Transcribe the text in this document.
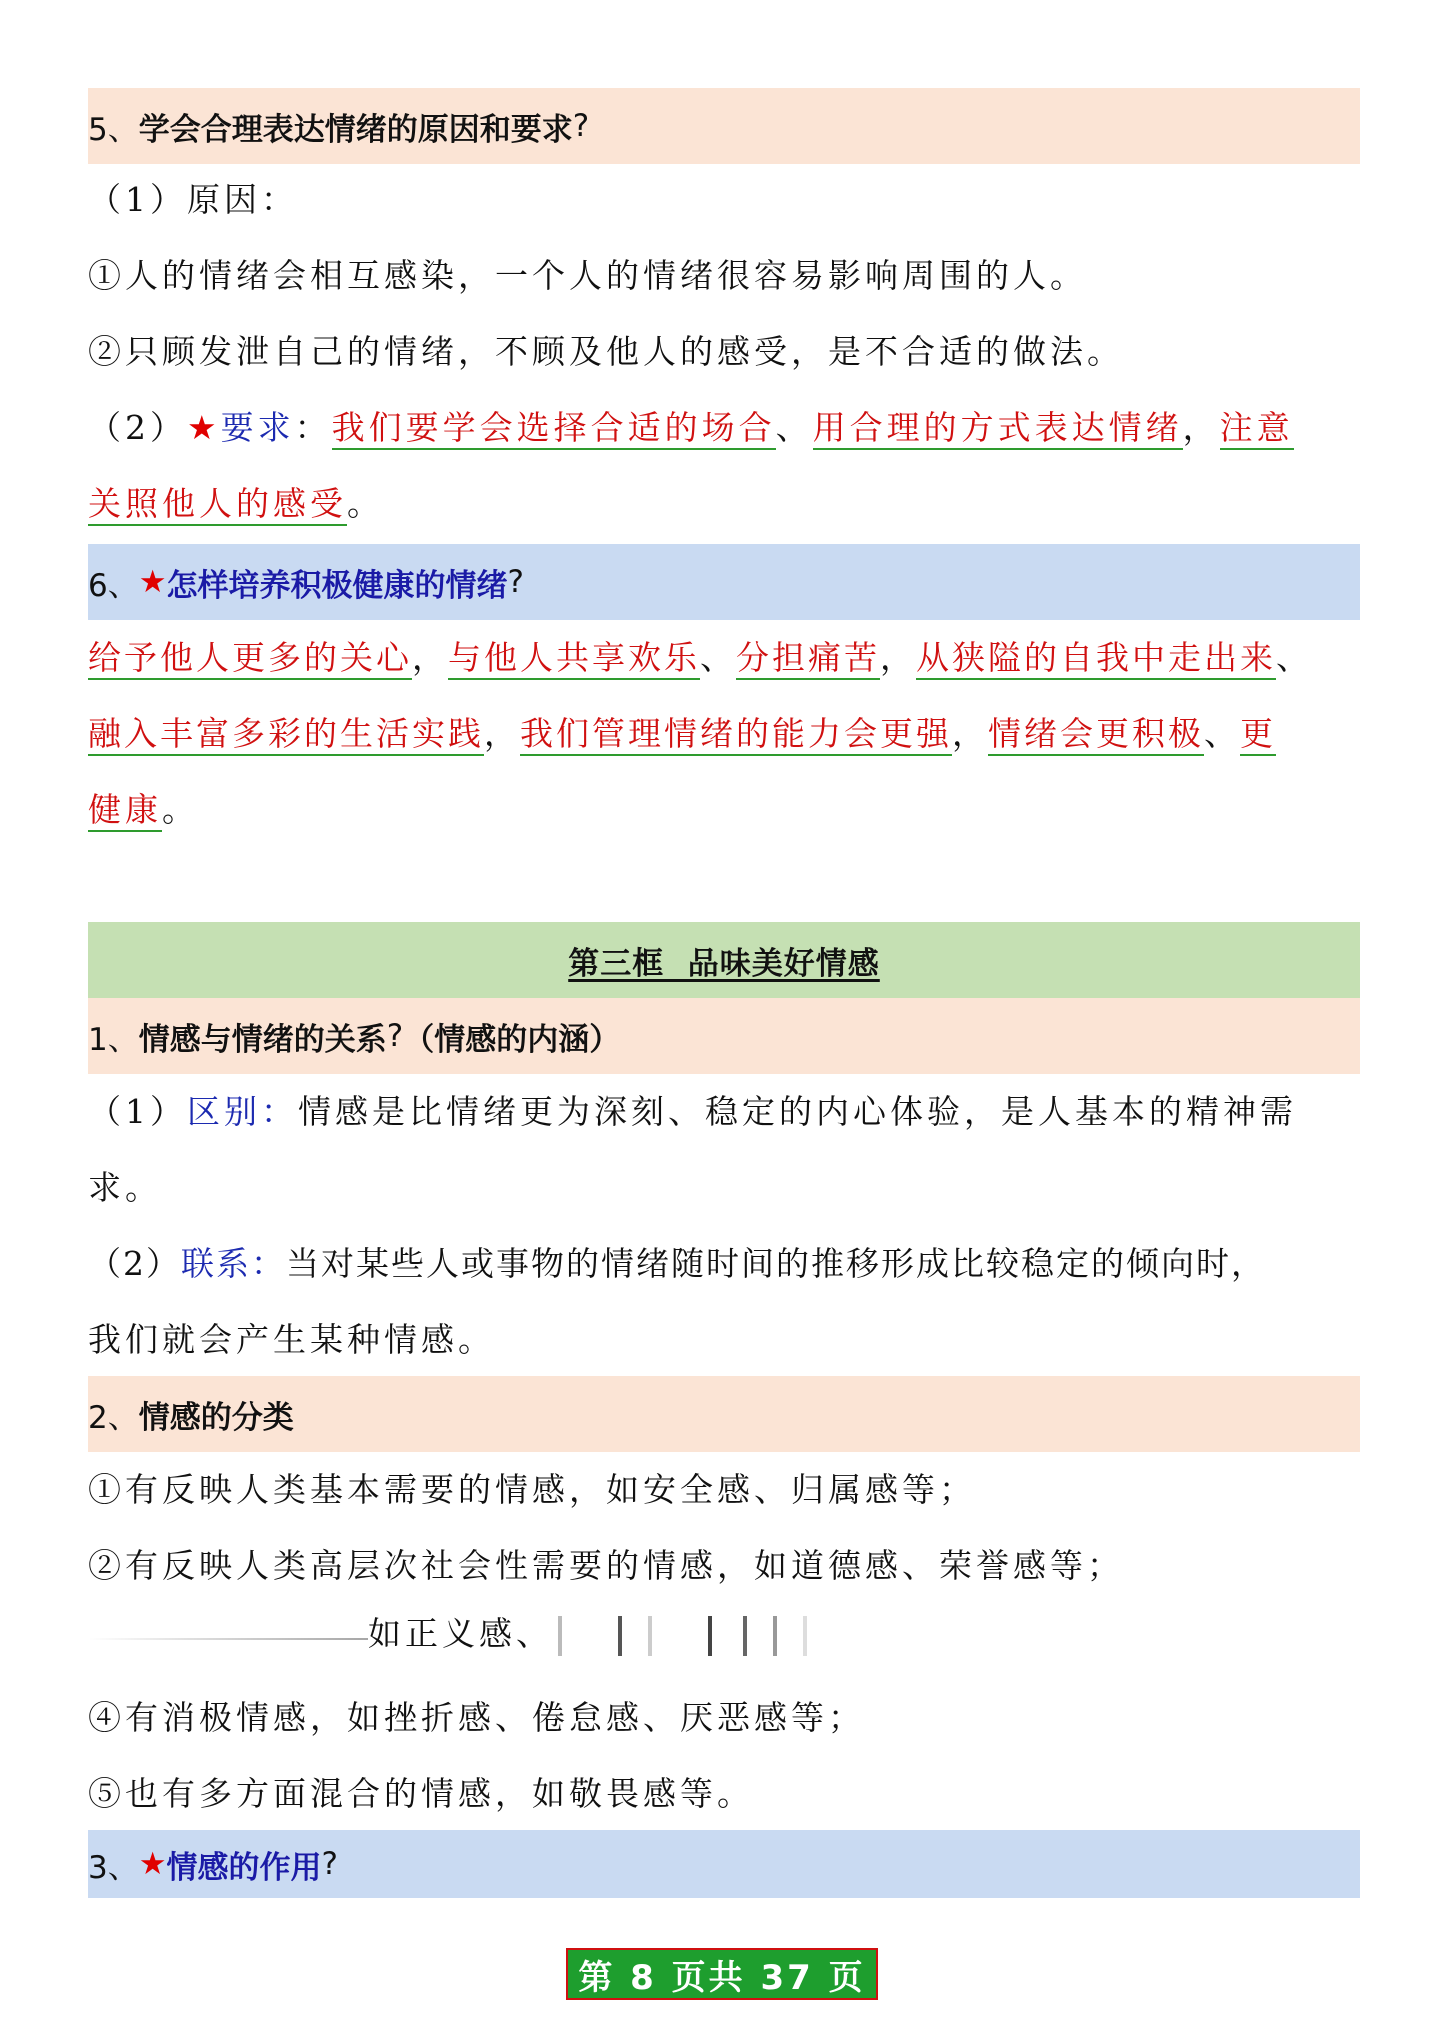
5、 学会合理表达情绪的原因和要求 ?
（1）原因：
①人的情绪会相互感染，一个人的情绪很容易影响周围的人。
②只顾发泄自己的情绪，不顾及他人的感受，是不合适的做法。
（2）★要求：我们要学会选择合适的场合、用合理的方式表达情绪，注意
关照他人的感受。
6、 ★ 怎样培养积极健康的情绪 ?
给予他人更多的关心，与他人共享欢乐、分担痛苦，从狭隘的自我中走出来、
融入丰富多彩的生活实践，我们管理情绪的能力会更强，情绪会更积极、更
健康。
第三框  品味美好情感
1、 情感与情绪的关系 ? （情感的内涵）
（1）区别：情感是比情绪更为深刻、稳定的内心体验，是人基本的精神需
求。
（2）联系：当对某些人或事物的情绪随时间的推移形成比较稳定的倾向时，
我们就会产生某种情感。
2、 情感的分类
①有反映人类基本需要的情感，如安全感、归属感等；
②有反映人类高层次社会性需要的情感，如道德感、荣誉感等；
如正义感、
④有消极情感，如挫折感、倦怠感、厌恶感等；
⑤也有多方面混合的情感，如敬畏感等。
3、 ★ 情感的作用 ?
第 8 页共 37 页
